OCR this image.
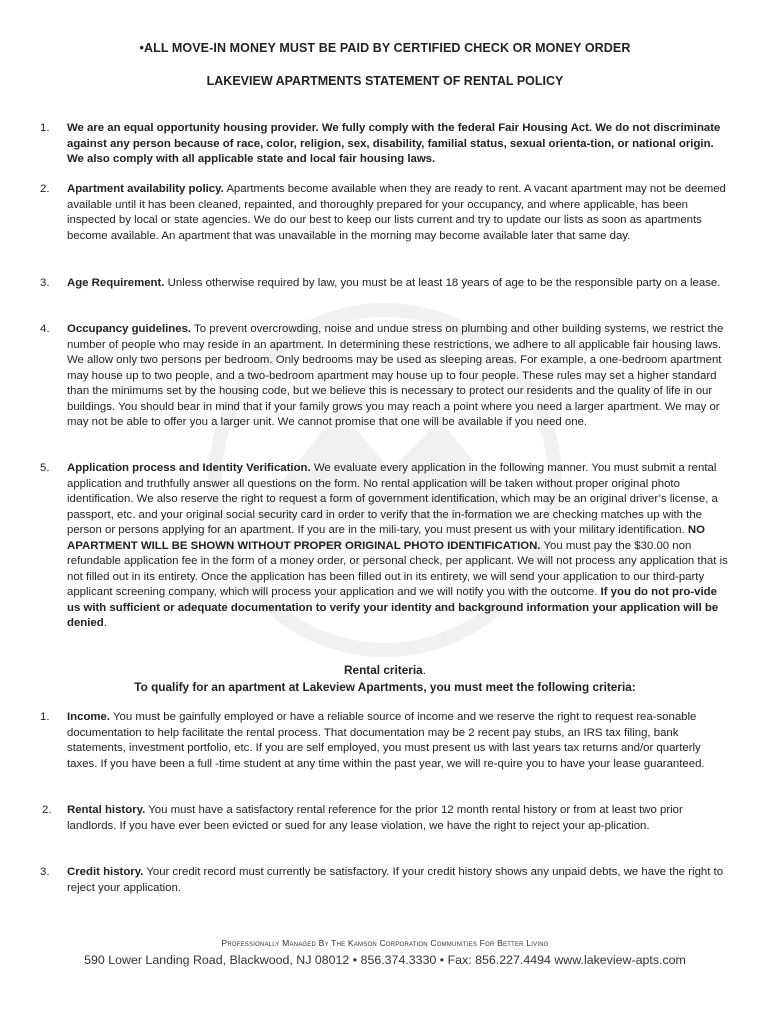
•ALL MOVE-IN MONEY MUST BE PAID BY CERTIFIED CHECK OR MONEY ORDER
LAKEVIEW APARTMENTS STATEMENT OF RENTAL POLICY
1.	We are an equal opportunity housing provider. We fully comply with the federal Fair Housing Act. We do not discriminate against any person because of race, color, religion, sex, disability, familial status, sexual orienta-tion, or national origin. We also comply with all applicable state and local fair housing laws.
2.	Apartment availability policy. Apartments become available when they are ready to rent. A vacant apartment may not be deemed available until it has been cleaned, repainted, and thoroughly prepared for your occupancy, and where applicable, has been inspected by local or state agencies. We do our best to keep our lists current and try to update our lists as soon as apartments become available. An apartment that was unavailable in the morning may become available later that same day.
3.	Age Requirement. Unless otherwise required by law, you must be at least 18 years of age to be the responsible party on a lease.
4.	Occupancy guidelines. To prevent overcrowding, noise and undue stress on plumbing and other building systems, we restrict the number of people who may reside in an apartment. In determining these restrictions, we adhere to all applicable fair housing laws. We allow only two persons per bedroom. Only bedrooms may be used as sleeping areas. For example, a one-bedroom apartment may house up to two people, and a two-bedroom apartment may house up to four people. These rules may set a higher standard than the minimums set by the housing code, but we believe this is necessary to protect our residents and the quality of life in our buildings. You should bear in mind that if your family grows you may reach a point where you need a larger apartment. We may or may not be able to offer you a larger unit. We cannot promise that one will be available if you need one.
5.	Application process and Identity Verification. We evaluate every application in the following manner. You must submit a rental application and truthfully answer all questions on the form. No rental application will be taken without proper original photo identification. We also reserve the right to request a form of government identification, which may be an original driver’s license, a passport, etc. and your original social security card in order to verify that the in-formation we are checking matches up with the person or persons applying for an apartment. If you are in the mili-tary, you must present us with your military identification. NO APARTMENT WILL BE SHOWN WITHOUT PROPER ORIGINAL PHOTO IDENTIFICATION. You must pay the $30.00 non refundable application fee in the form of a money order, or personal check, per applicant. We will not process any application that is not filled out in its entirety. Once the application has been filled out in its entirety, we will send your application to our third-party applicant screening company, which will process your application and we will notify you with the outcome. If you do not pro-vide us with sufficient or adequate documentation to verify your identity and background information your application will be denied.
Rental criteria.
To qualify for an apartment at Lakeview Apartments, you must meet the following criteria:
1.	Income. You must be gainfully employed or have a reliable source of income and we reserve the right to request rea-sonable documentation to help facilitate the rental process. That documentation may be 2 recent pay stubs, an IRS tax filing, bank statements, investment portfolio, etc. If you are self employed, you must present us with last years tax returns and/or quarterly taxes. If you have been a full -time student at any time within the past year, we will re-quire you to have your lease guaranteed.
2.	Rental history. You must have a satisfactory rental reference for the prior 12 month rental history or from at least two prior landlords. If you have ever been evicted or sued for any lease violation, we have the right to reject your ap-plication.
3.	Credit history. Your credit record must currently be satisfactory. If your credit history shows any unpaid debts, we have the right to reject your application.
Professionally Managed By The Kamson Corporation Communities For Better Living
590 Lower Landing Road, Blackwood, NJ 08012 • 856.374.3330 • Fax: 856.227.4494 www.lakeview-apts.com
